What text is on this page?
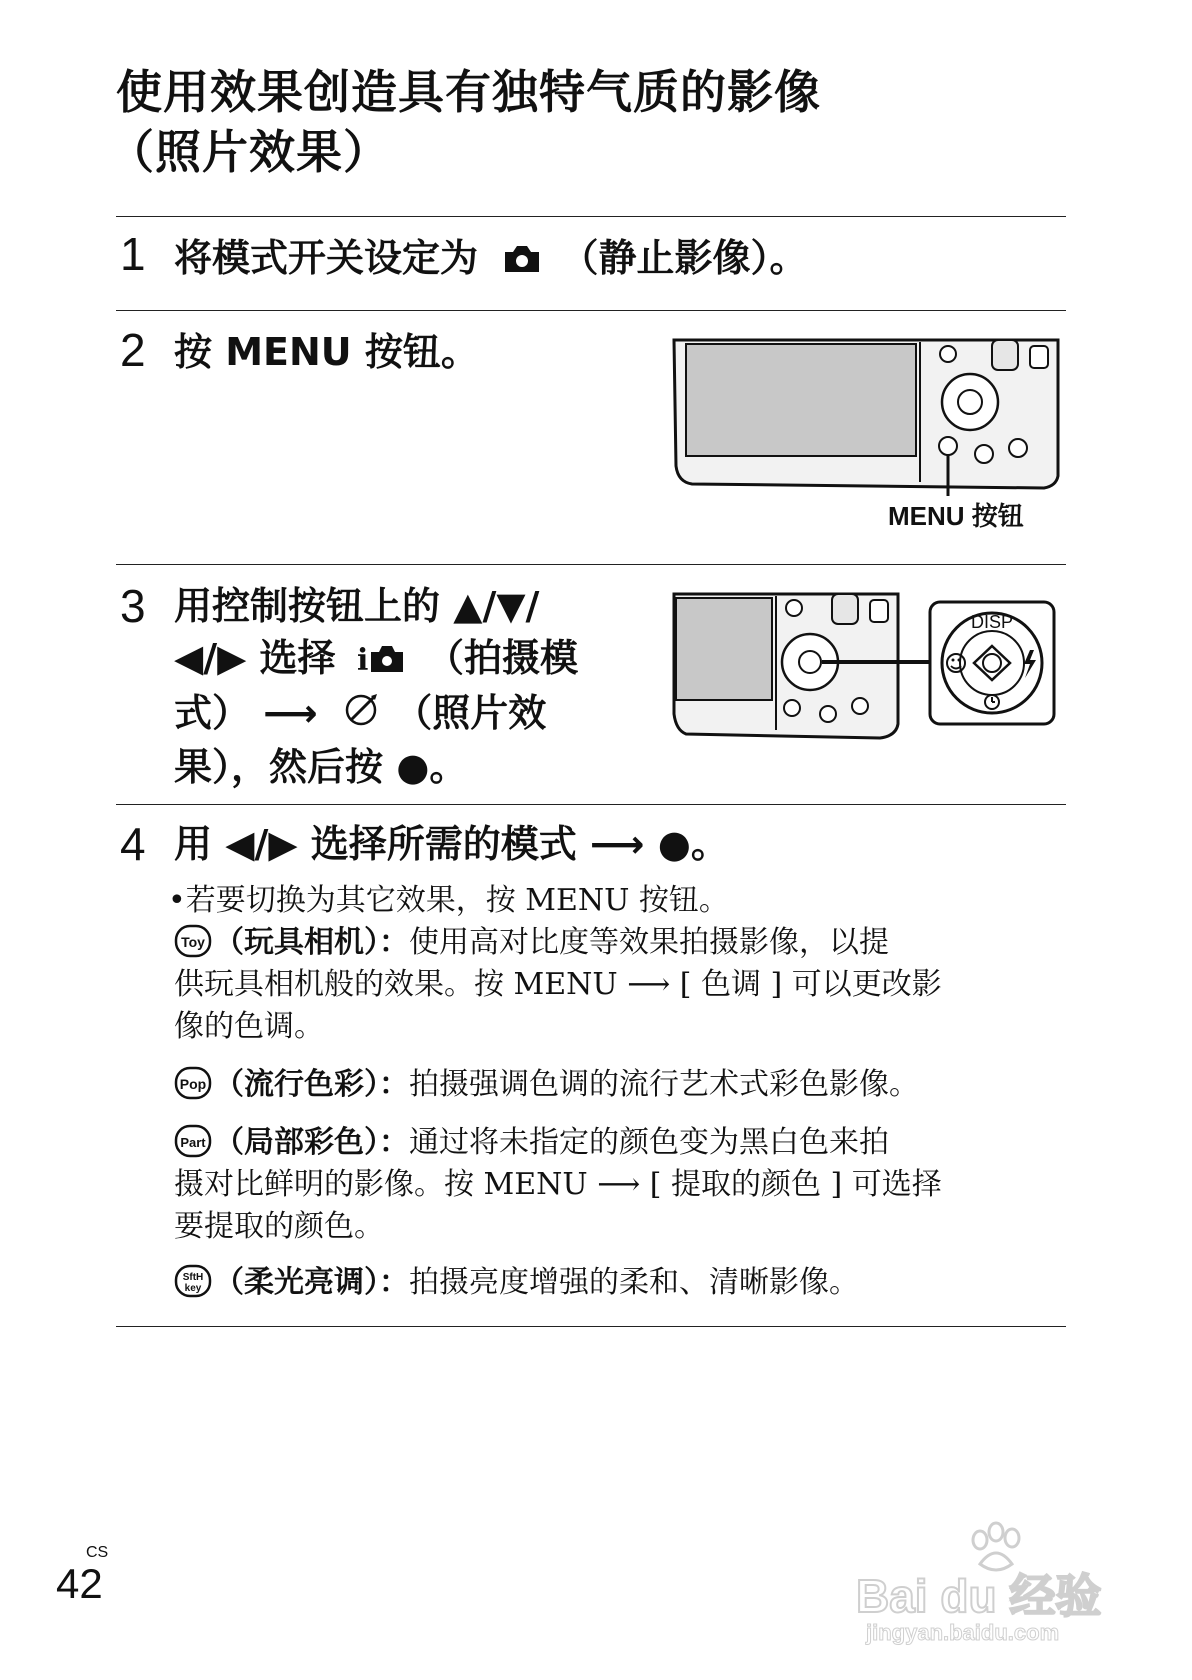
使用效果创造具有独特气质的影像
（照片效果）
1 将模式开关设定为 （静止影像）。
2 按 MENU 按钮。
MENU 按钮
3 用控制按钮上的 ▲/▼/
◀/▶ 选择 i （拍摄模
式） ⟶ （照片效
果），然后按 ●。
DISP
4 用 ◀/▶ 选择所需的模式 ⟶ ●。
•若要切换为其它效果，按 MENU 按钮。
Toy （玩具相机）：使用高对比度等效果拍摄影像，以提
供玩具相机般的效果。按 MENU ⟶ [ 色调 ] 可以更改影
像的色调。
Pop （流行色彩）：拍摄强调色调的流行艺术式彩色影像。
Part （局部彩色）：通过将未指定的颜色变为黑白色来拍
摄对比鲜明的影像。按 MENU ⟶ [ 提取的颜色 ] 可选择
要提取的颜色。
SftH
key （柔光亮调）：拍摄亮度增强的柔和、清晰影像。
CS
42	Bai du 经验
jingyan.baidu.com
